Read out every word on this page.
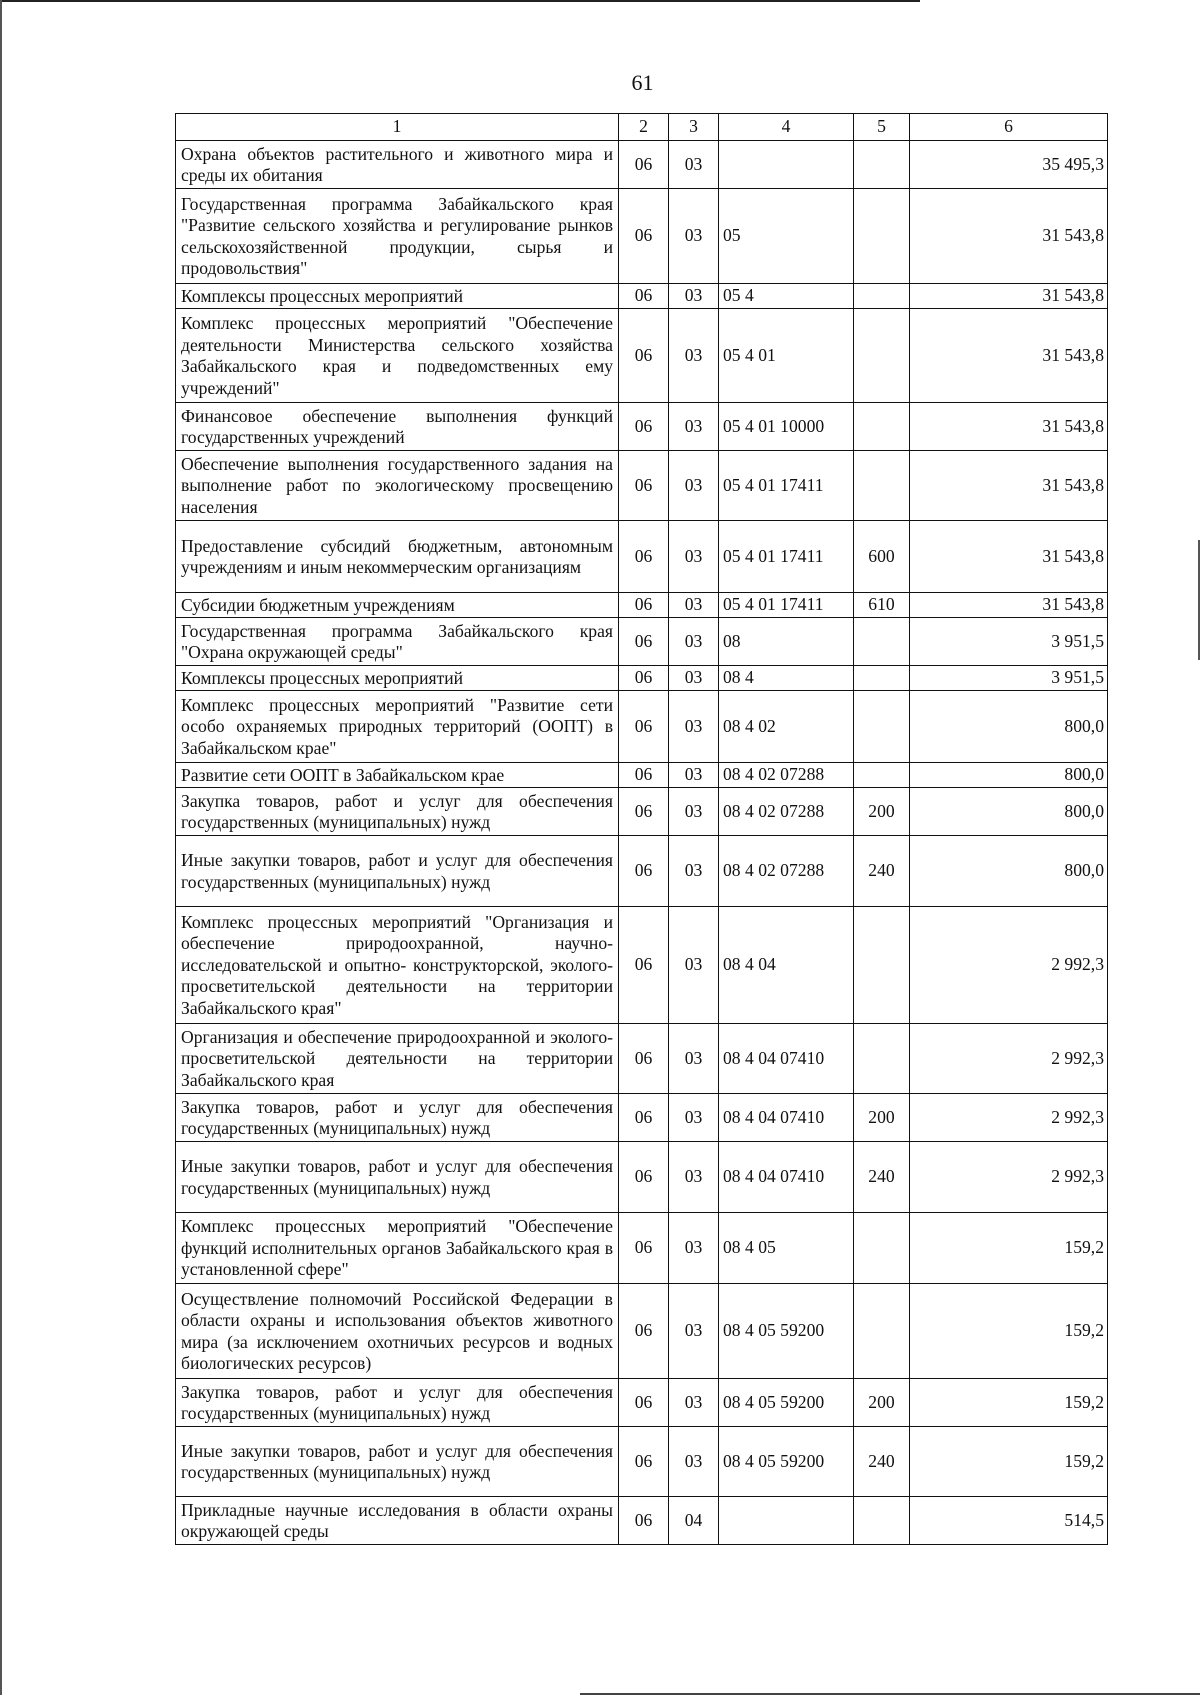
61
1	2	3	4	5	6
Охрана объектов растительного и животного мира и среды их обитания	06	03			35 495,3
Государственная программа Забайкальского края "Развитие сельского хозяйства и регулирование рынков сельскохозяйственной продукции, сырья и продовольствия"	06	03	05		31 543,8
Комплексы процессных мероприятий	06	03	05 4		31 543,8
Комплекс процессных мероприятий "Обеспечение деятельности Министерства сельского хозяйства Забайкальского края и подведомственных ему учреждений"	06	03	05 4 01		31 543,8
Финансовое обеспечение выполнения функций государственных учреждений	06	03	05 4 01 10000		31 543,8
Обеспечение выполнения государственного задания на выполнение работ по экологическому просвещению населения	06	03	05 4 01 17411		31 543,8
Предоставление субсидий бюджетным, автономным учреждениям и иным некоммерческим организациям	06	03	05 4 01 17411	600	31 543,8
Субсидии бюджетным учреждениям	06	03	05 4 01 17411	610	31 543,8
Государственная программа Забайкальского края "Охрана окружающей среды"	06	03	08		3 951,5
Комплексы процессных мероприятий	06	03	08 4		3 951,5
Комплекс процессных мероприятий "Развитие сети особо охраняемых природных территорий (ООПТ) в Забайкальском крае"	06	03	08 4 02		800,0
Развитие сети ООПТ в Забайкальском крае	06	03	08 4 02 07288		800,0
Закупка товаров, работ и услуг для обеспечения государственных (муниципальных) нужд	06	03	08 4 02 07288	200	800,0
Иные закупки товаров, работ и услуг для обеспечения государственных (муниципальных) нужд	06	03	08 4 02 07288	240	800,0
Комплекс процессных мероприятий "Организация и обеспечение природоохранной, научно-исследовательской и опытно- конструкторской, эколого-просветительской деятельности на территории Забайкальского края"	06	03	08 4 04		2 992,3
Организация и обеспечение природоохранной и эколого-просветительской деятельности на территории Забайкальского края	06	03	08 4 04 07410		2 992,3
Закупка товаров, работ и услуг для обеспечения государственных (муниципальных) нужд	06	03	08 4 04 07410	200	2 992,3
Иные закупки товаров, работ и услуг для обеспечения государственных (муниципальных) нужд	06	03	08 4 04 07410	240	2 992,3
Комплекс процессных мероприятий "Обеспечение функций исполнительных органов Забайкальского края в установленной сфере"	06	03	08 4 05		159,2
Осуществление полномочий Российской Федерации в области охраны и использования объектов животного мира (за исключением охотничьих ресурсов и водных биологических ресурсов)	06	03	08 4 05 59200		159,2
Закупка товаров, работ и услуг для обеспечения государственных (муниципальных) нужд	06	03	08 4 05 59200	200	159,2
Иные закупки товаров, работ и услуг для обеспечения государственных (муниципальных) нужд	06	03	08 4 05 59200	240	159,2
Прикладные научные исследования в области охраны окружающей среды	06	04			514,5
